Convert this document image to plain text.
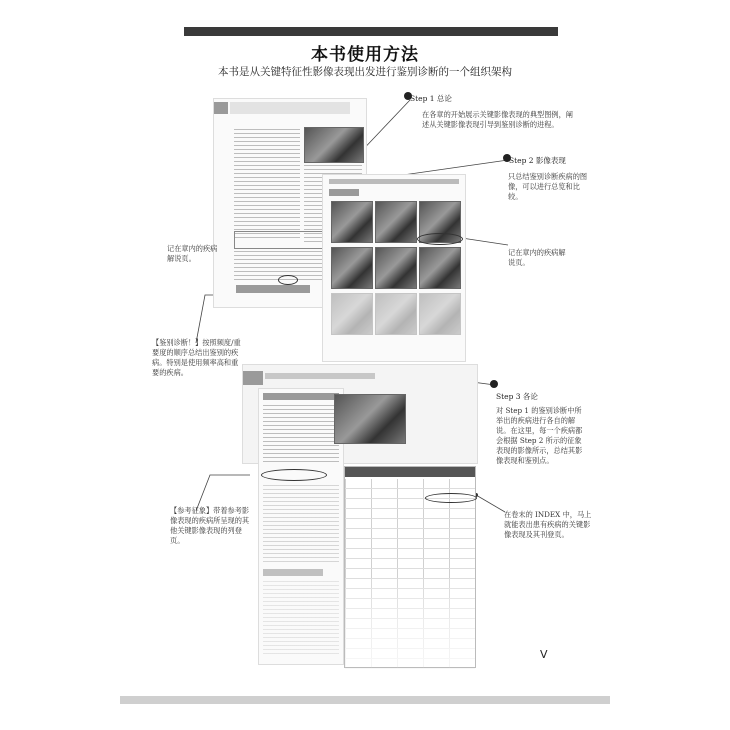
本书使用方法
本书是从关键特征性影像表现出发进行鉴别诊断的一个组织架构
Step 1 总论
在各章的开始展示关键影像表现的典型图例，阐述从关键影像表现引导到鉴别诊断的进程。
Step 2 影像表现
只总结鉴别诊断疾病的图像，可以进行总览和比较。
Step 3 各论
对 Step 1 的鉴别诊断中所举出的疾病进行各自的解说。在这里，每一个疾病都会根据 Step 2 所示的征象表现的影像所示，总结其影像表现和鉴别点。
记在章内的疾病解说页。
记在章内的疾病解说页。
【鉴别诊断！】按照频度/重要度的顺序总结出鉴别的疾病。特别是使用频率高和重要的疾病。
【参考征象】带着参考影像表现的疾病所呈现的其他关键影像表现的列登页。
在卷末的 INDEX 中，马上就能表出患有疾病的关键影像表现及其刊登页。
V
